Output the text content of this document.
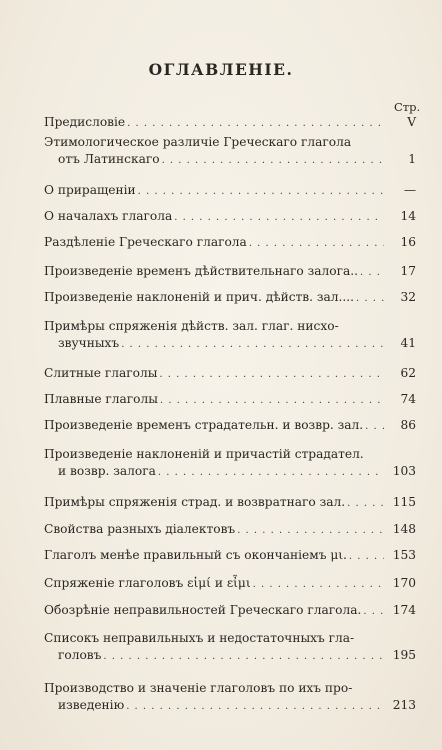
ОГЛАВЛЕНІЕ.
Стр.
Предисловіе . . .	V
Этимологическое различіе Греческаго глагола
отъ Латинскаго . . .	1
О приращеніи . . .	—
О началахъ глагола . . .	14
Раздѣленіе Греческаго глагола . . .	16
Произведеніе временъ дѣйствительнаго залога.. . . .	17
Произведеніе наклоненій и прич. дѣйств. зал.... . . .	32
Примѣры спряженія дѣйств. зал. глаг. нисхо-
звучныхъ . . .	41
Слитные глаголы . . .	62
Плавные глаголы . . .	74
Произведеніе временъ страдательн. и возвр. зал. . . .	86
Произведеніе наклоненій и причастій страдател.
и возвр. залога . . .	103
Примѣры спряженія страд. и возвратнаго зал. . . .	115
Свойства разныхъ діалектовъ . . .	148
Глаголъ менѣе правильный съ окончаніемъ μι. . . .	153
Спряженіе глаголовъ εἰμί и εἶμι . . .	170
Обозрѣніе неправильностей Греческаго глагола. . . .	174
Списокъ неправильныхъ и недостаточныхъ гла-
головъ . . .	195
Производство и значеніе глаголовъ по ихъ про-
изведенію . . .	213
